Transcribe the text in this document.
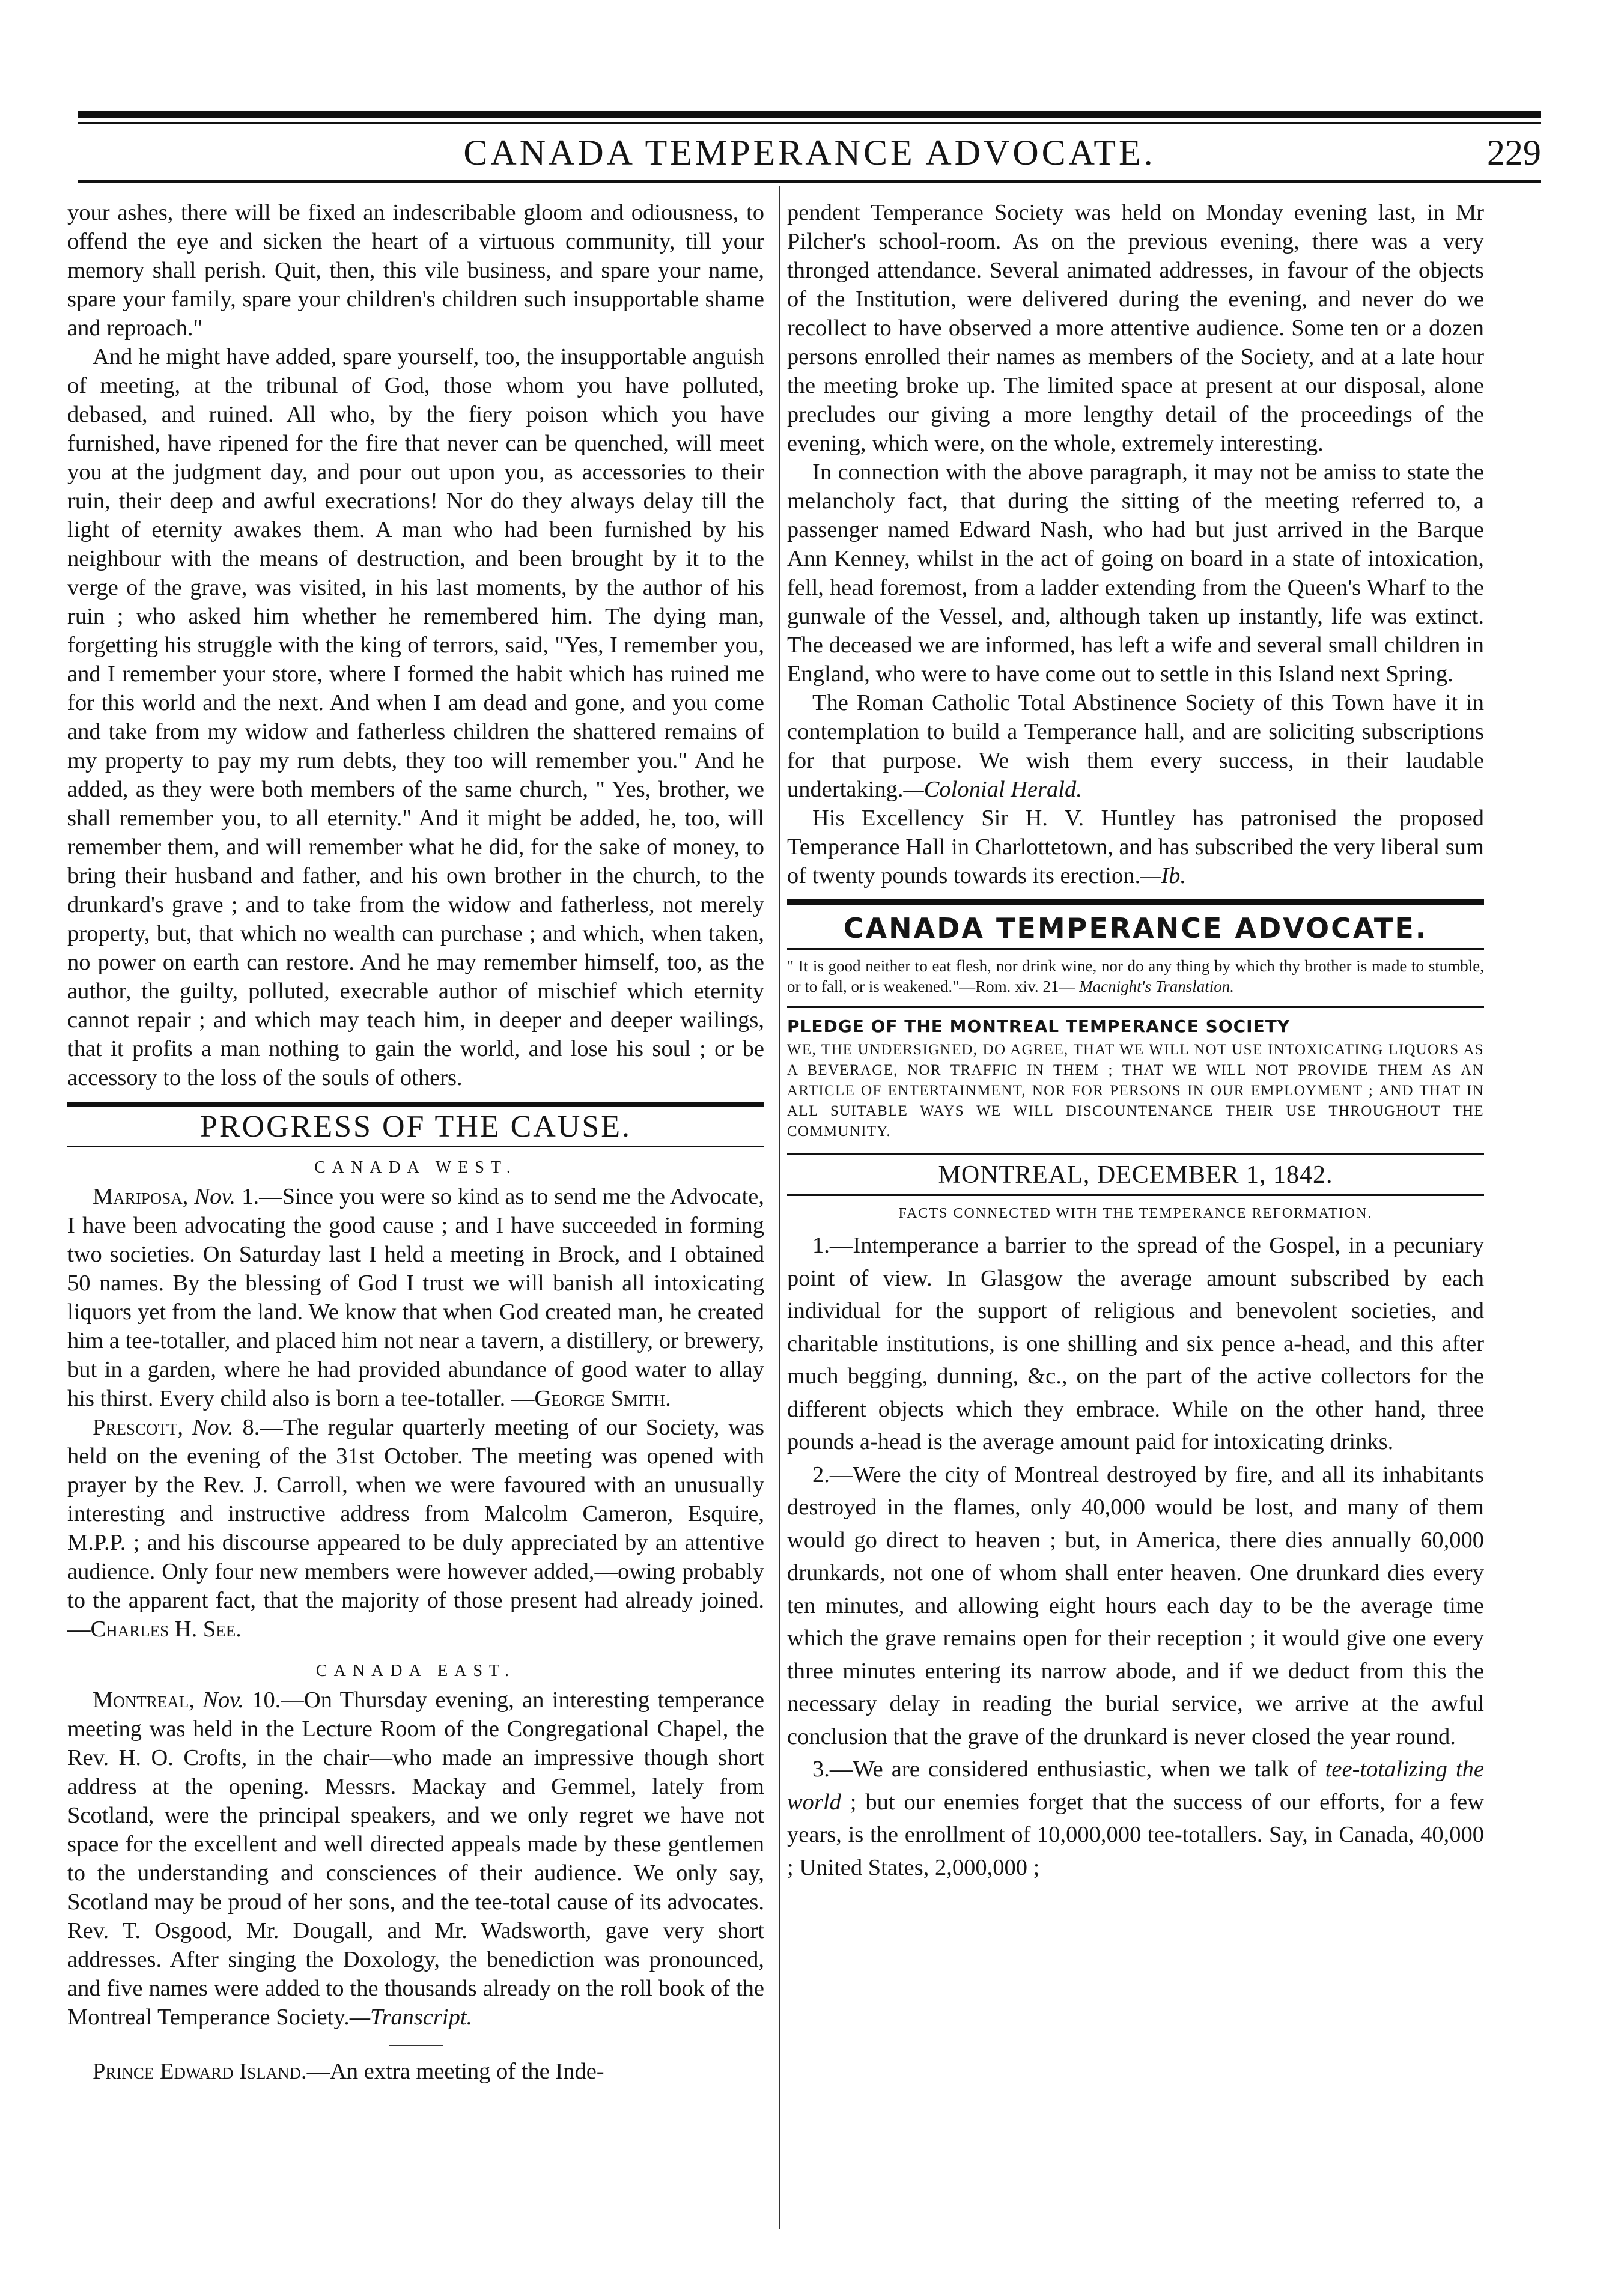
CANADA TEMPERANCE ADVOCATE.	229

your ashes, there will be fixed an indescribable gloom and odiousness, to offend the eye and sicken the heart of a virtuous community, till your memory shall perish. Quit, then, this vile business, and spare your name, spare your family, spare your children's children such insupportable shame and reproach."

And he might have added, spare yourself, too, the insupportable anguish of meeting, at the tribunal of God, those whom you have polluted, debased, and ruined. All who, by the fiery poison which you have furnished, have ripened for the fire that never can be quenched, will meet you at the judgment day, and pour out upon you, as accessories to their ruin, their deep and awful execrations! Nor do they always delay till the light of eternity awakes them. A man who had been furnished by his neighbour with the means of destruction, and been brought by it to the verge of the grave, was visited, in his last moments, by the author of his ruin ; who asked him whether he remembered him. The dying man, forgetting his struggle with the king of terrors, said, "Yes, I remember you, and I remember your store, where I formed the habit which has ruined me for this world and the next. And when I am dead and gone, and you come and take from my widow and fatherless children the shattered remains of my property to pay my rum debts, they too will remember you." And he added, as they were both members of the same church, " Yes, brother, we shall remember you, to all eternity." And it might be added, he, too, will remember them, and will remember what he did, for the sake of money, to bring their husband and father, and his own brother in the church, to the drunkard's grave ; and to take from the widow and fatherless, not merely property, but, that which no wealth can purchase ; and which, when taken, no power on earth can restore. And he may remember himself, too, as the author, the guilty, polluted, execrable author of mischief which eternity cannot repair ; and which may teach him, in deeper and deeper wailings, that it profits a man nothing to gain the world, and lose his soul ; or be accessory to the loss of the souls of others.

PROGRESS OF THE CAUSE.
CANADA WEST.

Mariposa, Nov. 1.—Since you were so kind as to send me the Advocate, I have been advocating the good cause ; and I have succeeded in forming two societies. On Saturday last I held a meeting in Brock, and I obtained 50 names. By the blessing of God I trust we will banish all intoxicating liquors yet from the land. We know that when God created man, he created him a tee-totaller, and placed him not near a tavern, a distillery, or brewery, but in a garden, where he had provided abundance of good water to allay his thirst. Every child also is born a tee-totaller. —George Smith.

Prescott, Nov. 8.—The regular quarterly meeting of our Society, was held on the evening of the 31st October. The meeting was opened with prayer by the Rev. J. Carroll, when we were favoured with an unusually interesting and instructive address from Malcolm Cameron, Esquire, M.P.P. ; and his discourse appeared to be duly appreciated by an attentive audience. Only four new members were however added,—owing probably to the apparent fact, that the majority of those present had already joined.—Charles H. See.

CANADA EAST.

Montreal, Nov. 10.—On Thursday evening, an interesting temperance meeting was held in the Lecture Room of the Congregational Chapel, the Rev. H. O. Crofts, in the chair—who made an impressive though short address at the opening. Messrs. Mackay and Gemmel, lately from Scotland, were the principal speakers, and we only regret we have not space for the excellent and well directed appeals made by these gentlemen to the understanding and consciences of their audience. We only say, Scotland may be proud of her sons, and the tee-total cause of its advocates. Rev. T. Osgood, Mr. Dougall, and Mr. Wadsworth, gave very short addresses. After singing the Doxology, the benediction was pronounced, and five names were added to the thousands already on the roll book of the Montreal Temperance Society.—Transcript.

Prince Edward Island.—An extra meeting of the Inde-

pendent Temperance Society was held on Monday evening last, in Mr Pilcher's school-room. As on the previous evening, there was a very thronged attendance. Several animated addresses, in favour of the objects of the Institution, were delivered during the evening, and never do we recollect to have observed a more attentive audience. Some ten or a dozen persons enrolled their names as members of the Society, and at a late hour the meeting broke up. The limited space at present at our disposal, alone precludes our giving a more lengthy detail of the proceedings of the evening, which were, on the whole, extremely interesting.

In connection with the above paragraph, it may not be amiss to state the melancholy fact, that during the sitting of the meeting referred to, a passenger named Edward Nash, who had but just arrived in the Barque Ann Kenney, whilst in the act of going on board in a state of intoxication, fell, head foremost, from a ladder extending from the Queen's Wharf to the gunwale of the Vessel, and, although taken up instantly, life was extinct. The deceased we are informed, has left a wife and several small children in England, who were to have come out to settle in this Island next Spring.

The Roman Catholic Total Abstinence Society of this Town have it in contemplation to build a Temperance hall, and are soliciting subscriptions for that purpose. We wish them every success, in their laudable undertaking.—Colonial Herald.

His Excellency Sir H. V. Huntley has patronised the proposed Temperance Hall in Charlottetown, and has subscribed the very liberal sum of twenty pounds towards its erection.—Ib.

CANADA TEMPERANCE ADVOCATE.
" It is good neither to eat flesh, nor drink wine, nor do any thing by which thy brother is made to stumble, or to fall, or is weakened."—Rom. xiv. 21— Macnight's Translation.
PLEDGE OF THE MONTREAL TEMPERANCE SOCIETY
WE, THE UNDERSIGNED, DO AGREE, THAT WE WILL NOT USE INTOXICATING LIQUORS AS A BEVERAGE, NOR TRAFFIC IN THEM ; THAT WE WILL NOT PROVIDE THEM AS AN ARTICLE OF ENTERTAINMENT, NOR FOR PERSONS IN OUR EMPLOYMENT ; AND THAT IN ALL SUITABLE WAYS WE WILL DISCOUNTENANCE THEIR USE THROUGHOUT THE COMMUNITY.
MONTREAL, DECEMBER 1, 1842.
FACTS CONNECTED WITH THE TEMPERANCE REFORMATION.

1.—Intemperance a barrier to the spread of the Gospel, in a pecuniary point of view. In Glasgow the average amount subscribed by each individual for the support of religious and benevolent societies, and charitable institutions, is one shilling and six pence a-head, and this after much begging, dunning, &c., on the part of the active collectors for the different objects which they embrace. While on the other hand, three pounds a-head is the average amount paid for intoxicating drinks.

2.—Were the city of Montreal destroyed by fire, and all its inhabitants destroyed in the flames, only 40,000 would be lost, and many of them would go direct to heaven ; but, in America, there dies annually 60,000 drunkards, not one of whom shall enter heaven. One drunkard dies every ten minutes, and allowing eight hours each day to be the average time which the grave remains open for their reception ; it would give one every three minutes entering its narrow abode, and if we deduct from this the necessary delay in reading the burial service, we arrive at the awful conclusion that the grave of the drunkard is never closed the year round.

3.—We are considered enthusiastic, when we talk of tee-totalizing the world ; but our enemies forget that the success of our efforts, for a few years, is the enrollment of 10,000,000 tee-totallers. Say, in Canada, 40,000 ; United States, 2,000,000 ;
